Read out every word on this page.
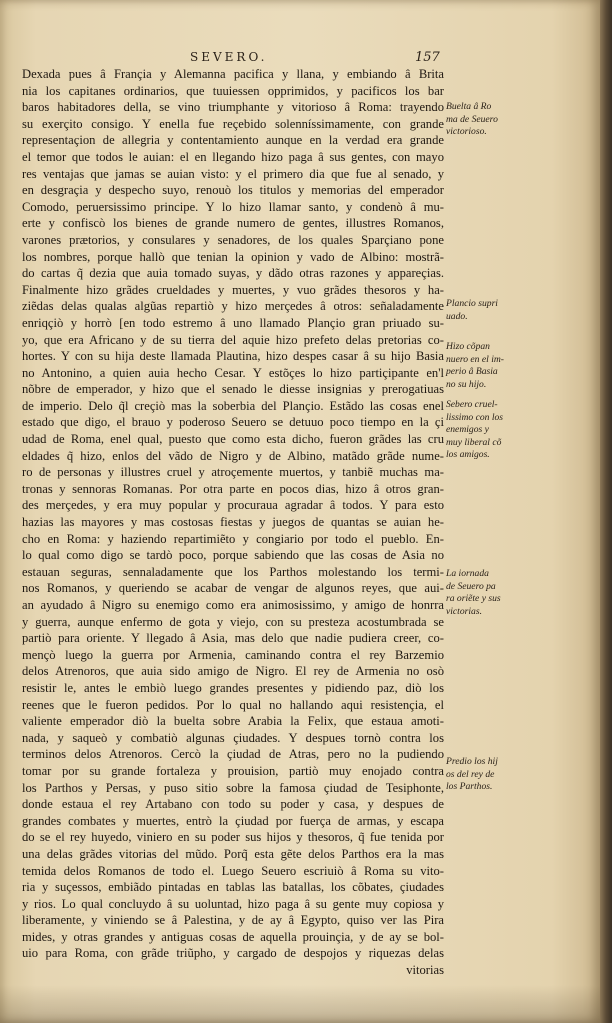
SEVERO.	157
Dexada pues â Françia y Alemanna pacifica y llana, y embiando â Brita
nia los capitanes ordinarios, que tuuiessen opprimidos, y pacificos los bar
baros habitadores della, se vino triumphante y vitorioso â Roma: trayendo
su exerçito consigo. Y enella fue reçebido solenníssimamente, con grande
representaçion de allegria y contentamiento aunque en la verdad era grande
el temor que todos le auian: el en llegando hizo paga â sus gentes, con mayo
res ventajas que jamas se auian visto: y el primero dia que fue al senado, y
en desgraçia y despecho suyo, renouò los titulos y memorias del emperador
Comodo, peruersissimo principe. Y lo hizo llamar santo, y condenò â mu-
erte y confiscò los bienes de grande numero de gentes, illustres Romanos,
varones prætorios, y consulares y senadores, de los quales Sparçiano pone
los nombres, porque hallò que tenian la opinion y vado de Albino: mostrã-
do cartas q̃ dezia que auia tomado suyas, y dãdo otras razones y appareçias.
Finalmente hizo grãdes crueldades y muertes, y vuo grãdes thesoros y ha-
ziẽdas delas qualas algũas repartiò y hizo merçedes â otros: señaladamente
enriqçiò y horrò [en todo estremo â uno llamado Plançio gran priuado su-
yo, que era Africano y de su tierra del aquie hizo prefeto delas pretorias co-
hortes. Y con su hija deste llamada Plautina, hizo despes casar â su hijo Basia
no Antonino, a quien auia hecho Cesar. Y estõçes lo hizo partiçipante en'l
nõbre de emperador, y hizo que el senado le diesse insignias y prerogatiuas
de imperio. Delo q̃l creçiò mas la soberbia del Plançio. Estãdo las cosas enel
estado que digo, el brauo y poderoso Seuero se detuuo poco tiempo en la çi
udad de Roma, enel qual, puesto que como esta dicho, fueron grãdes las cru
eldades q̃ hizo, enlos del vãdo de Nigro y de Albino, matãdo grãde nume-
ro de personas y illustres cruel y atroçemente muertos, y tanbiẽ muchas ma-
tronas y sennoras Romanas. Por otra parte en pocos dias, hizo â otros gran-
des merçedes, y era muy popular y procuraua agradar â todos. Y para esto
hazias las mayores y mas costosas fiestas y juegos de quantas se auian he-
cho en Roma: y haziendo repartimiẽto y congiario por todo el pueblo. En-
lo qual como digo se tardò poco, porque sabiendo que las cosas de Asia no
estauan seguras, sennaladamente que los Parthos molestando los termi-
nos Romanos, y queriendo se acabar de vengar de algunos reyes, que aui-
an ayudado â Nigro su enemigo como era animosissimo, y amigo de honrra
y guerra, aunque enfermo de gota y viejo, con su presteza acostumbrada se
partiò para oriente. Y llegado â Asia, mas delo que nadie pudiera creer, co-
mençò luego la guerra por Armenia, caminando contra el rey Barzemio
delos Atrenoros, que auia sido amigo de Nigro. El rey de Armenia no osò
resistir le, antes le embiò luego grandes presentes y pidiendo paz, diò los
reenes que le fueron pedidos. Por lo qual no hallando aqui resistençia, el
valiente emperador diò la buelta sobre Arabia la Felix, que estaua amoti-
nada, y saqueò y combatiò algunas çiudades. Y despues tornò contra los
terminos delos Atrenoros. Cercò la çiudad de Atras, pero no la pudiendo
tomar por su grande fortaleza y prouision, partiò muy enojado contra
los Parthos y Persas, y puso sitio sobre la famosa çiudad de Tesiphonte,
donde estaua el rey Artabano con todo su poder y casa, y despues de
grandes combates y muertes, entrò la çiudad por fuerça de armas, y escapa
do se el rey huyedo, viniero en su poder sus hijos y thesoros, q̃ fue tenida por
una delas grãdes vitorias del mũdo. Porq̃ esta gẽte delos Parthos era la mas
temida delos Romanos de todo el. Luego Seuero escriuiò â Roma su vito-
ria y suçessos, embiãdo pintadas en tablas las batallas, los cõbates, çiudades
y rios. Lo qual concluydo â su uoluntad, hizo paga â su gente muy copiosa y
liberamente, y viniendo se â Palestina, y de ay â Egypto, quiso ver las Pira
mides, y otras grandes y antiguas cosas de aquella prouinçia, y de ay se bol-
uio para Roma, con grãde triũpho, y cargado de despojos y riquezas delas
vitorias
Buelta â Ro
ma de Seuero
victorioso.
Plancio supri
uado.
Hizo cõpan
nuero en el im-
perio â Basia
no su hijo.
Sebero cruel-
lissimo con los
enemigos y
muy liberal cõ
los amigos.
La iornada
de Seuero pa
ra oriẽte y sus
victorias.
Predio los hij
os del rey de
los Parthos.
